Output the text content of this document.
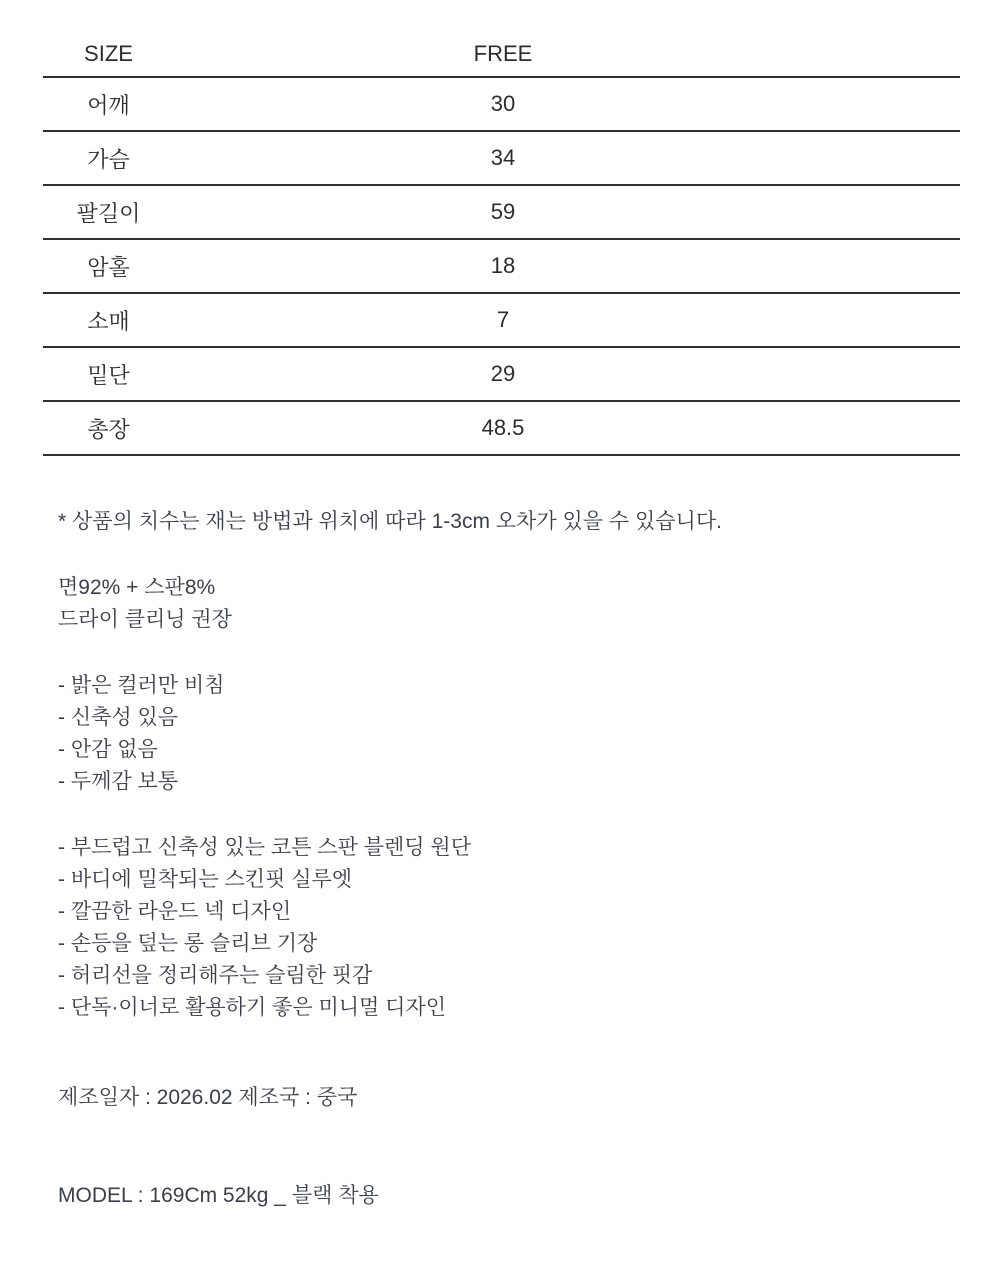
SIZE	FREE
어깨	30
가슴	34
팔길이	59
암홀	18
소매	7
밑단	29
총장	48.5
* 상품의 치수는 재는 방법과 위치에 따라 1-3cm 오차가 있을 수 있습니다.
면92% + 스판8%
드라이 클리닝 권장
- 밝은 컬러만 비침
- 신축성 있음
- 안감 없음
- 두께감 보통
- 부드럽고 신축성 있는 코튼 스판 블렌딩 원단
- 바디에 밀착되는 스킨핏 실루엣
- 깔끔한 라운드 넥 디자인
- 손등을 덮는 롱 슬리브 기장
- 허리선을 정리해주는 슬림한 핏감
- 단독·이너로 활용하기 좋은 미니멀 디자인
제조일자 : 2026.02 제조국 : 중국
MODEL : 169Cm 52kg _ 블랙 착용
